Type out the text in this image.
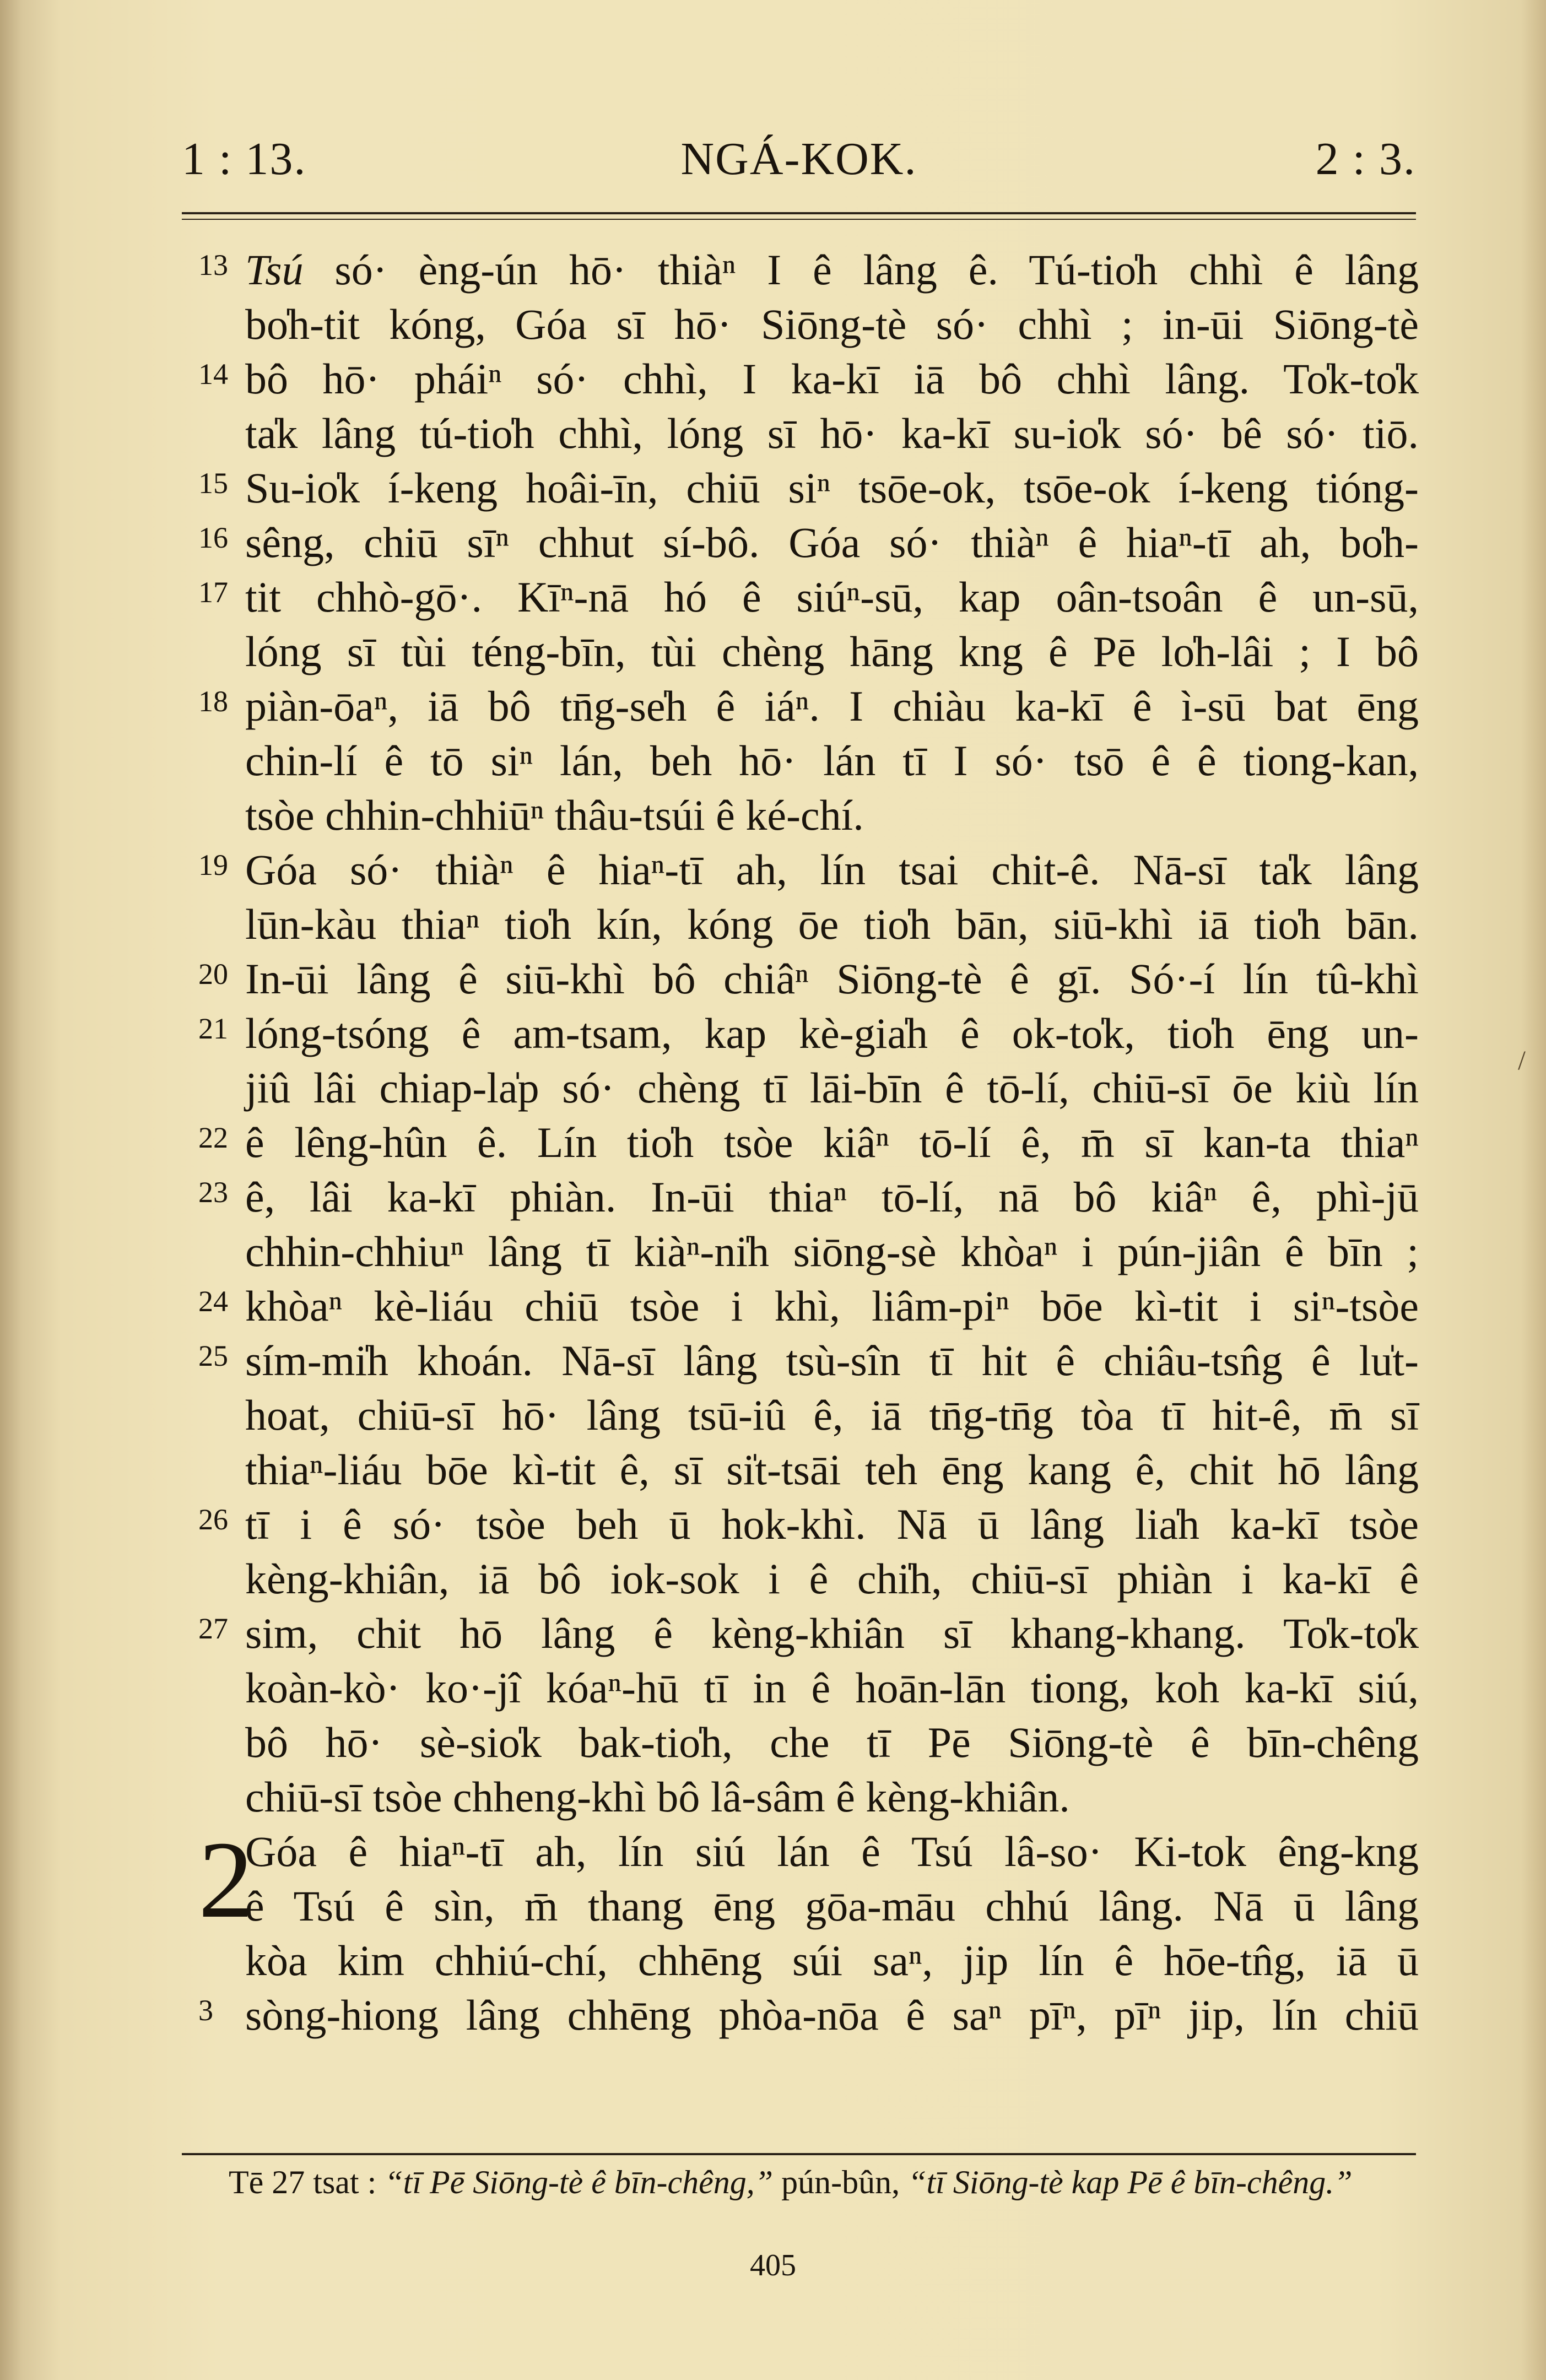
1 : 13.	NGÁ-KOK.	2 : 3.
13 Tsú só· èng-ún hō· thiàⁿ I ê lâng ê. Tú-tio̍h chhì ê lâng
bo̍h-tit kóng, Góa sī hō· Siōng-tè só· chhì ; in-ūi Siōng-tè
14 bô hō· pháiⁿ só· chhì, I ka-kī iā bô chhì lâng. To̍k-to̍k
ta̍k lâng tú-tio̍h chhì, lóng sī hō· ka-kī su-io̍k só· bê só· tiō.
15 Su-io̍k í-keng hoâi-īn, chiū siⁿ tsōe-ok, tsōe-ok í-keng tióng-
16 sêng, chiū sīⁿ chhut sí-bô. Góa só· thiàⁿ ê hiaⁿ-tī ah, bo̍h-
17 tit chhò-gō·. Kīⁿ-nā hó ê siúⁿ-sū, kap oân-tsoân ê un-sū,
lóng sī tùi téng-bīn, tùi chèng hāng kng ê Pē lo̍h-lâi ; I bô
18 piàn-ōaⁿ, iā bô tn̄g-se̍h ê iáⁿ. I chiàu ka-kī ê ì-sū bat ēng
chin-lí ê tō siⁿ lán, beh hō· lán tī I só· tsō ê ê tiong-kan,
tsòe chhin-chhiūⁿ thâu-tsúi ê ké-chí.
19 Góa só· thiàⁿ ê hiaⁿ-tī ah, lín tsai chit-ê. Nā-sī ta̍k lâng
lūn-kàu thiaⁿ tio̍h kín, kóng ōe tio̍h bān, siū-khì iā tio̍h bān.
20 In-ūi lâng ê siū-khì bô chiâⁿ Siōng-tè ê gī. Só·-í lín tû-khì
21 lóng-tsóng ê am-tsam, kap kè-gia̍h ê ok-to̍k, tio̍h ēng un-
jiû lâi chiap-la̍p só· chèng tī lāi-bīn ê tō-lí, chiū-sī ōe kiù lín
22 ê lêng-hûn ê. Lín tio̍h tsòe kiâⁿ tō-lí ê, m̄ sī kan-ta thiaⁿ
23 ê, lâi ka-kī phiàn. In-ūi thiaⁿ tō-lí, nā bô kiâⁿ ê, phì-jū
chhin-chhiuⁿ lâng tī kiàⁿ-ni̍h siōng-sè khòaⁿ i pún-jiân ê bīn ;
24 khòaⁿ kè-liáu chiū tsòe i khì, liâm-piⁿ bōe kì-tit i siⁿ-tsòe
25 sím-mi̍h khoán. Nā-sī lâng tsù-sîn tī hit ê chiâu-tsn̂g ê lu̍t-
hoat, chiū-sī hō· lâng tsū-iû ê, iā tn̄g-tn̄g tòa tī hit-ê, m̄ sī
thiaⁿ-liáu bōe kì-tit ê, sī si̍t-tsāi teh ēng kang ê, chit hō lâng
26 tī i ê só· tsòe beh ū hok-khì. Nā ū lâng lia̍h ka-kī tsòe
kèng-khiân, iā bô iok-sok i ê chi̍h, chiū-sī phiàn i ka-kī ê
27 sim, chit hō lâng ê kèng-khiân sī khang-khang. To̍k-to̍k
koàn-kò· ko·-jî kóaⁿ-hū tī in ê hoān-lān tiong, koh ka-kī siú,
bô hō· sè-sio̍k bak-tio̍h, che tī Pē Siōng-tè ê bīn-chêng
chiū-sī tsòe chheng-khì bô lâ-sâm ê kèng-khiân.
2
Góa ê hiaⁿ-tī ah, lín siú lán ê Tsú lâ-so· Ki-tok êng-kng
ê Tsú ê sìn, m̄ thang ēng gōa-māu chhú lâng. Nā ū lâng
kòa kim chhiú-chí, chhēng súi saⁿ, jip lín ê hōe-tn̂g, iā ū
3 sòng-hiong lâng chhēng phòa-nōa ê saⁿ pīⁿ, pīⁿ jip, lín chiū
Tē 27 tsat : “tī Pē Siōng-tè ê bīn-chêng,” pún-bûn, “tī Siōng-tè kap Pē ê bīn-chêng.”
405
/
